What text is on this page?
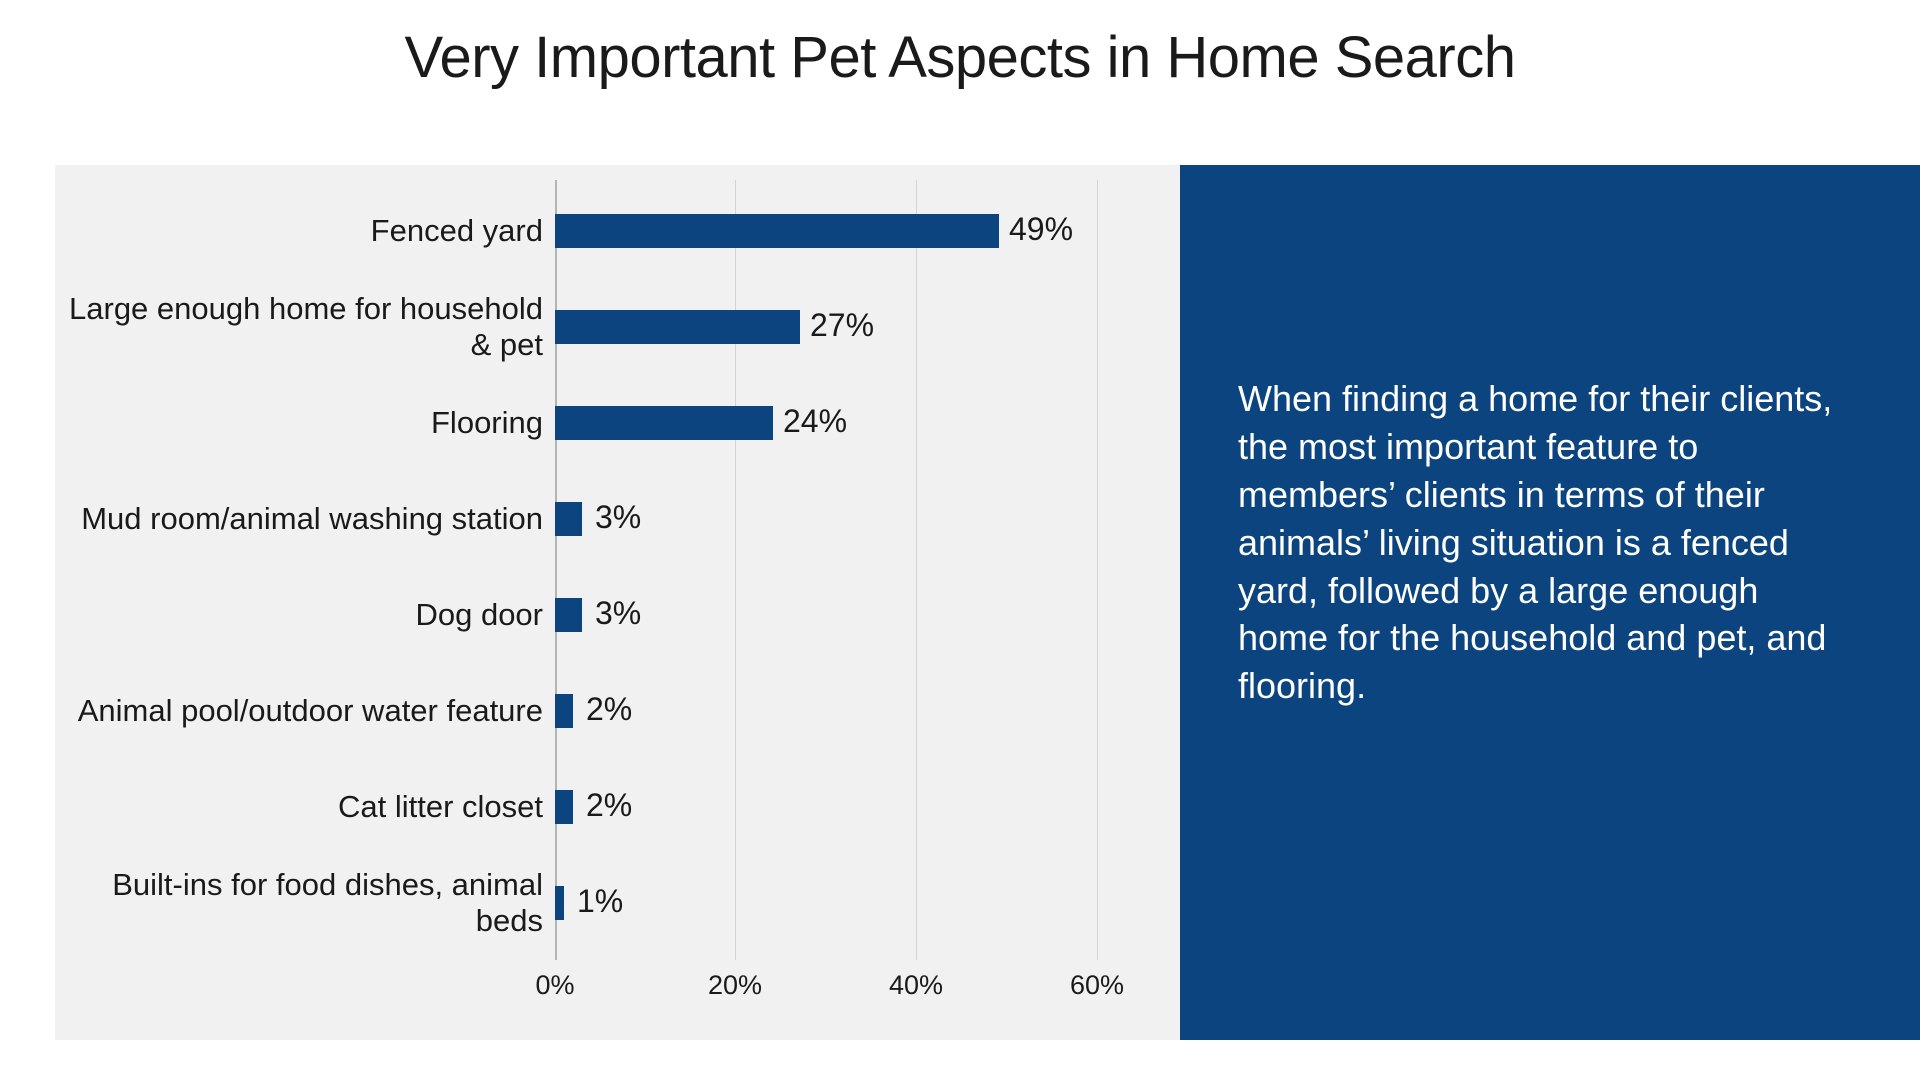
Very Important Pet Aspects in Home Search
Fenced yard	49%
Large enough home for household & pet
27%
Flooring	24%
Mud room/animal washing station	3%
Dog door	3%
Animal pool/outdoor water feature	2%
Cat litter closet	2%
Built-ins for food dishes, animal beds
1%
0%	20%	40%	60%
When finding a home for their clients, the most important feature to members’ clients in terms of their animals’ living situation is a fenced yard, followed by a large enough home for the household and pet, and flooring.
